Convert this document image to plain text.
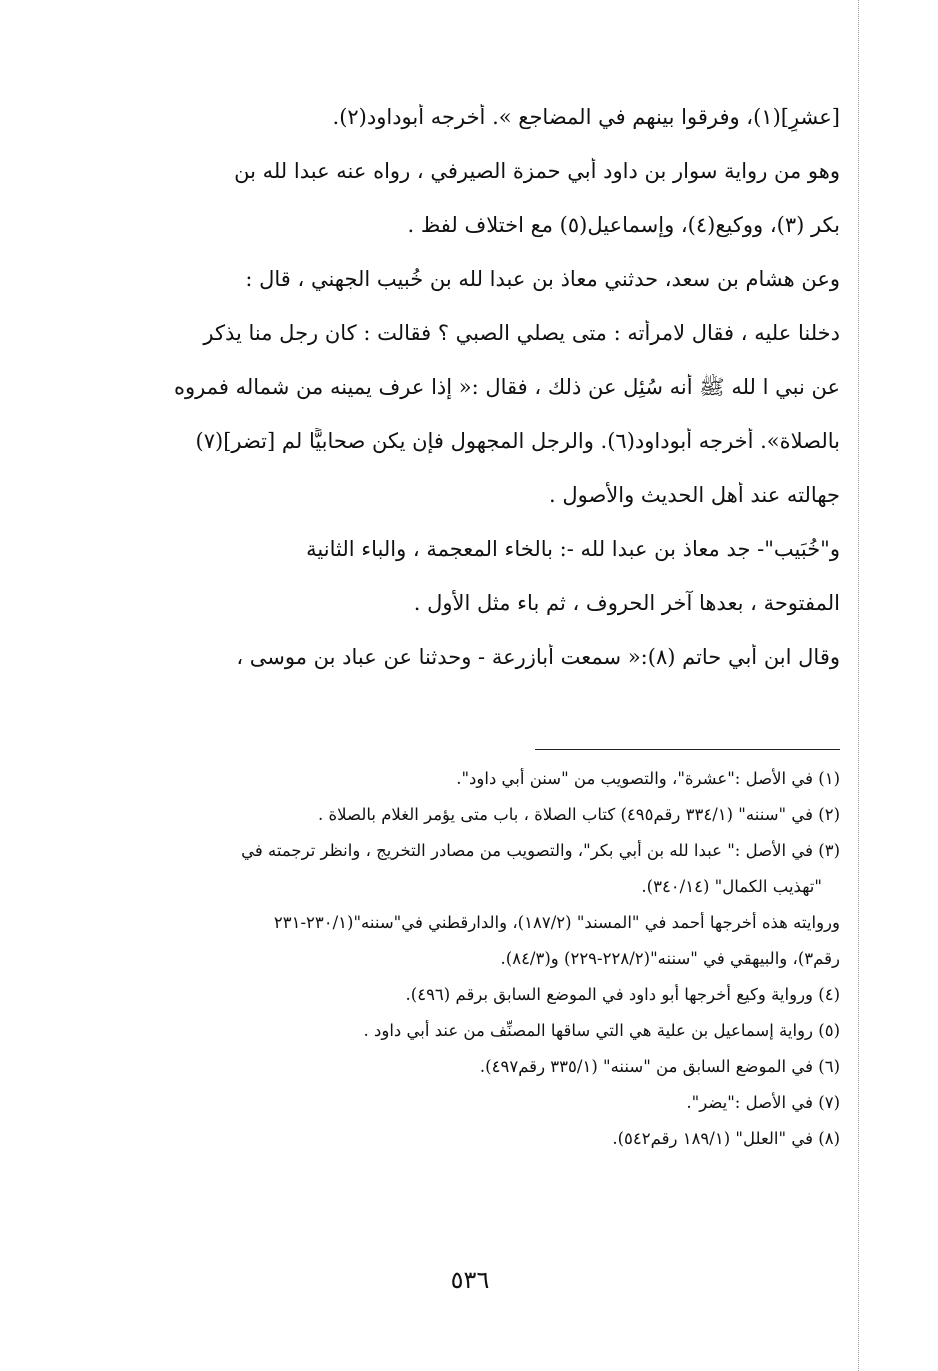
[عشرٍ](١)، وفرقوا بينهم في المضاجع ». أخرجه أبوداود(٢).
وهو من رواية سوار بن داود أبي حمزة الصيرفي ، رواه عنه عبدا لله بن
بكر (٣)، ووكيع(٤)، وإسماعيل(٥) مع اختلاف لفظ .
وعن هشام بن سعد، حدثني معاذ بن عبدا لله بن خُبيب الجهني ، قال :
دخلنا عليه ، فقال لامرأته : متى يصلي الصبي ؟ فقالت : كان رجل منا يذكر
عن نبي ا لله ﷺ أنه سُئِل عن ذلك ، فقال :« إذا عرف يمينه من شماله فمروه
بالصلاة». أخرجه أبوداود(٦). والرجل المجهول فإن يكن صحابيًّا لم [تضر](٧)
جهالته عند أهل الحديث والأصول .
و"خُبَيب"- جد معاذ بن عبدا لله -: بالخاء المعجمة ، والباء الثانية
المفتوحة ، بعدها آخر الحروف ، ثم باء مثل الأول .
وقال ابن أبي حاتم (٨):« سمعت أبازرعة - وحدثنا عن عباد بن موسى ،
(١) في الأصل :"عشرة"، والتصويب من "سنن أبي داود".
(٢) في "سننه" (٣٣٤/١ رقم٤٩٥) كتاب الصلاة ، باب متى يؤمر الغلام بالصلاة .
(٣) في الأصل :" عبدا لله بن أبي بكر"، والتصويب من مصادر التخريج ، وانظر ترجمته في
"تهذيب الكمال" (٣٤٠/١٤).
وروايته هذه أخرجها أحمد في "المسند" (١٨٧/٢)، والدارقطني في"سننه"(٢٣٠/١-٢٣١
رقم٣)، والبيهقي في "سننه"(٢٢٨/٢-٢٢٩) و(٨٤/٣).
(٤) ورواية وكيع أخرجها أبو داود في الموضع السابق برقم (٤٩٦).
(٥) رواية إسماعيل بن علية هي التي ساقها المصنِّف من عند أبي داود .
(٦) في الموضع السابق من "سننه" (٣٣٥/١ رقم٤٩٧).
(٧) في الأصل :"يضر".
(٨) في "العلل" (١٨٩/١ رقم٥٤٢).
٥٣٦
